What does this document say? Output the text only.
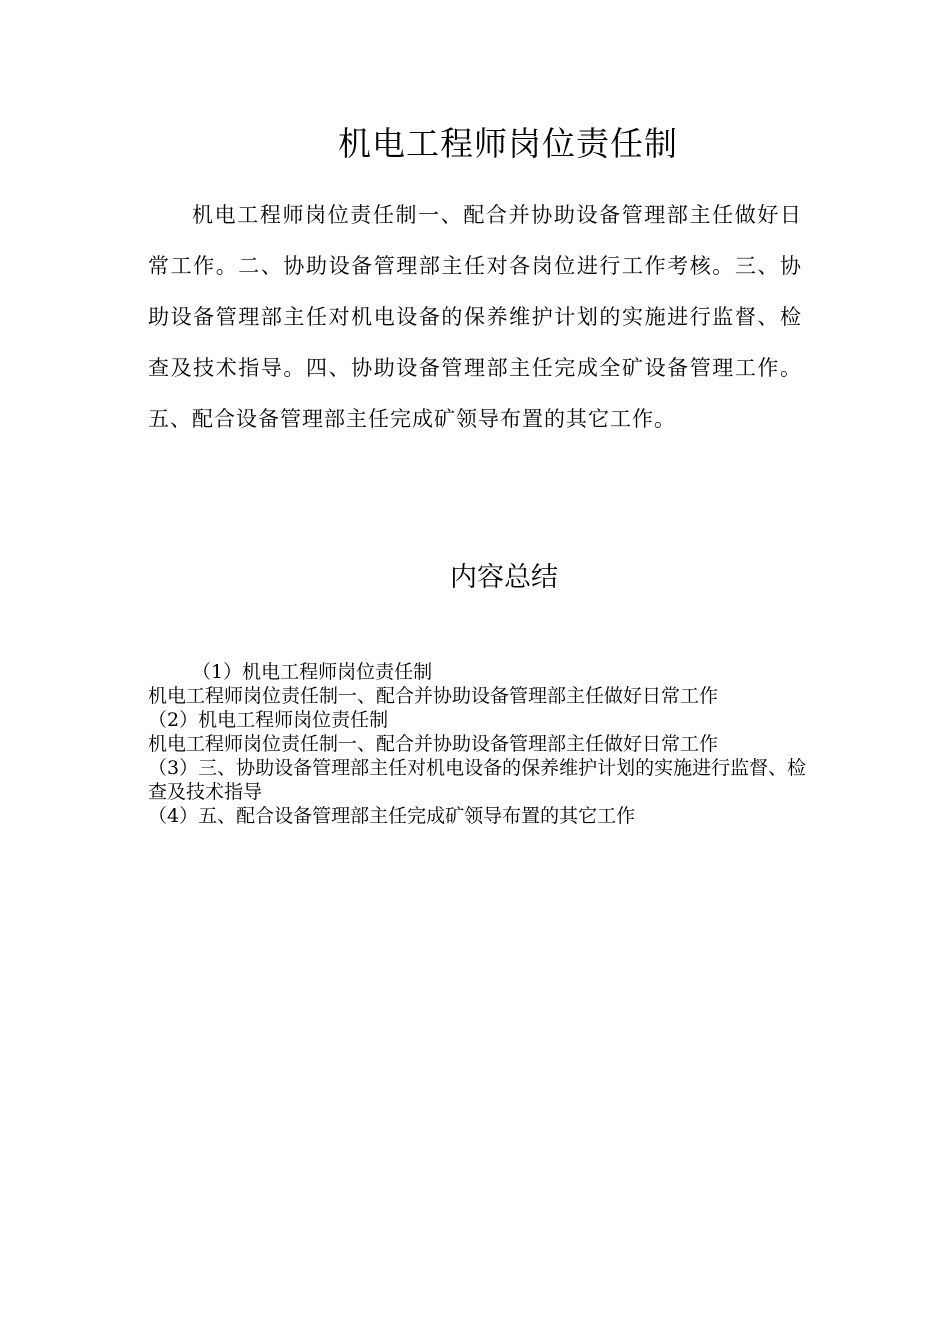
机电工程师岗位责任制

机电工程师岗位责任制一、配合并协助设备管理部主任做好日常工作。二、协助设备管理部主任对各岗位进行工作考核。三、协助设备管理部主任对机电设备的保养维护计划的实施进行监督、检查及技术指导。四、协助设备管理部主任完成全矿设备管理工作。五、配合设备管理部主任完成矿领导布置的其它工作。

内容总结
（1）机电工程师岗位责任制
机电工程师岗位责任制一、配合并协助设备管理部主任做好日常工作
（2）机电工程师岗位责任制
机电工程师岗位责任制一、配合并协助设备管理部主任做好日常工作
（3）三、协助设备管理部主任对机电设备的保养维护计划的实施进行监督、检查及技术指导
（4）五、配合设备管理部主任完成矿领导布置的其它工作
